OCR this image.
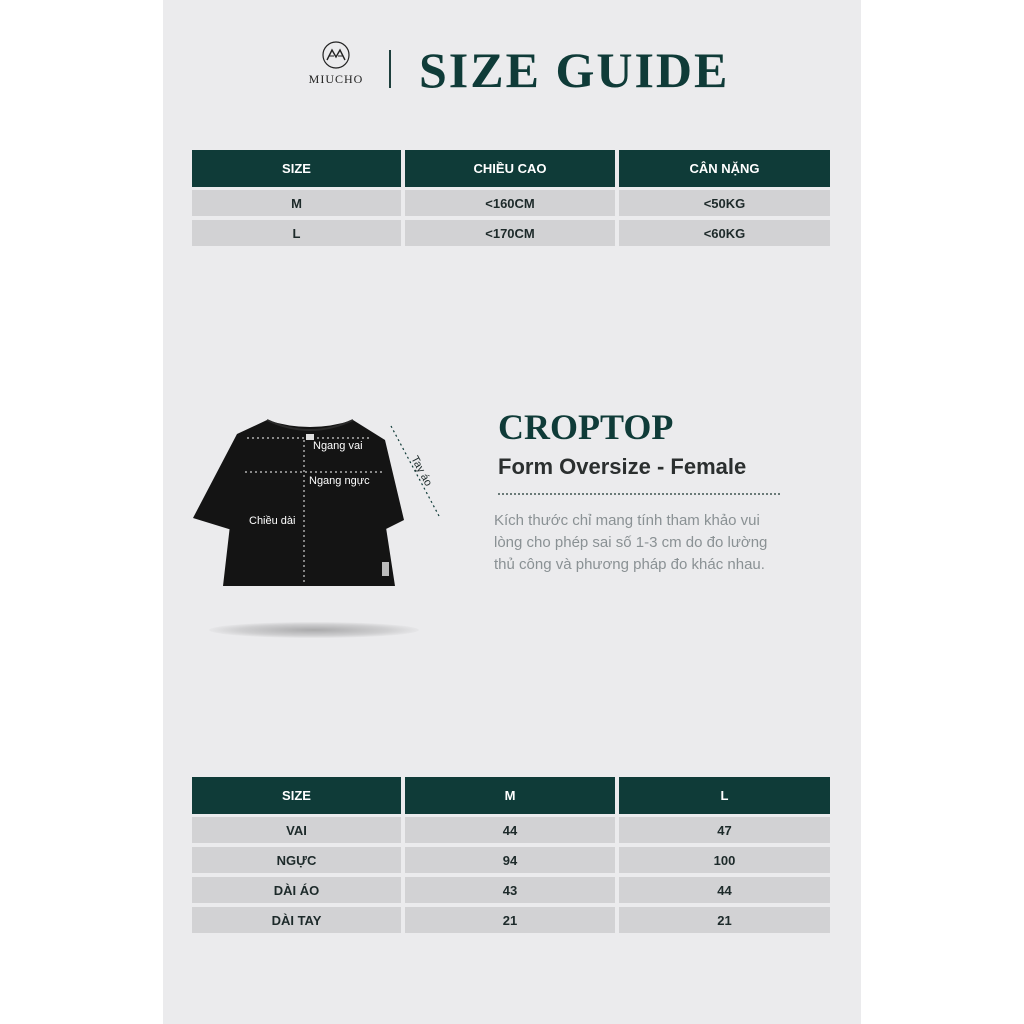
MIUCHO SIZE GUIDE
SIZE	CHIỀU CAO	CÂN NẶNG
M	<160CM	<50KG
L	<170CM	<60KG
Ngang vai
Ngang ngực
Chiều dài
Tay áo
CROPTOP
Form Oversize - Female
Kích thước chỉ mang tính tham khảo vui lòng cho phép sai số 1-3 cm do đo lường thủ công và phương pháp đo khác nhau.
SIZE	M	L
VAI	44	47
NGỰC	94	100
DÀI ÁO	43	44
DÀI TAY	21	21
